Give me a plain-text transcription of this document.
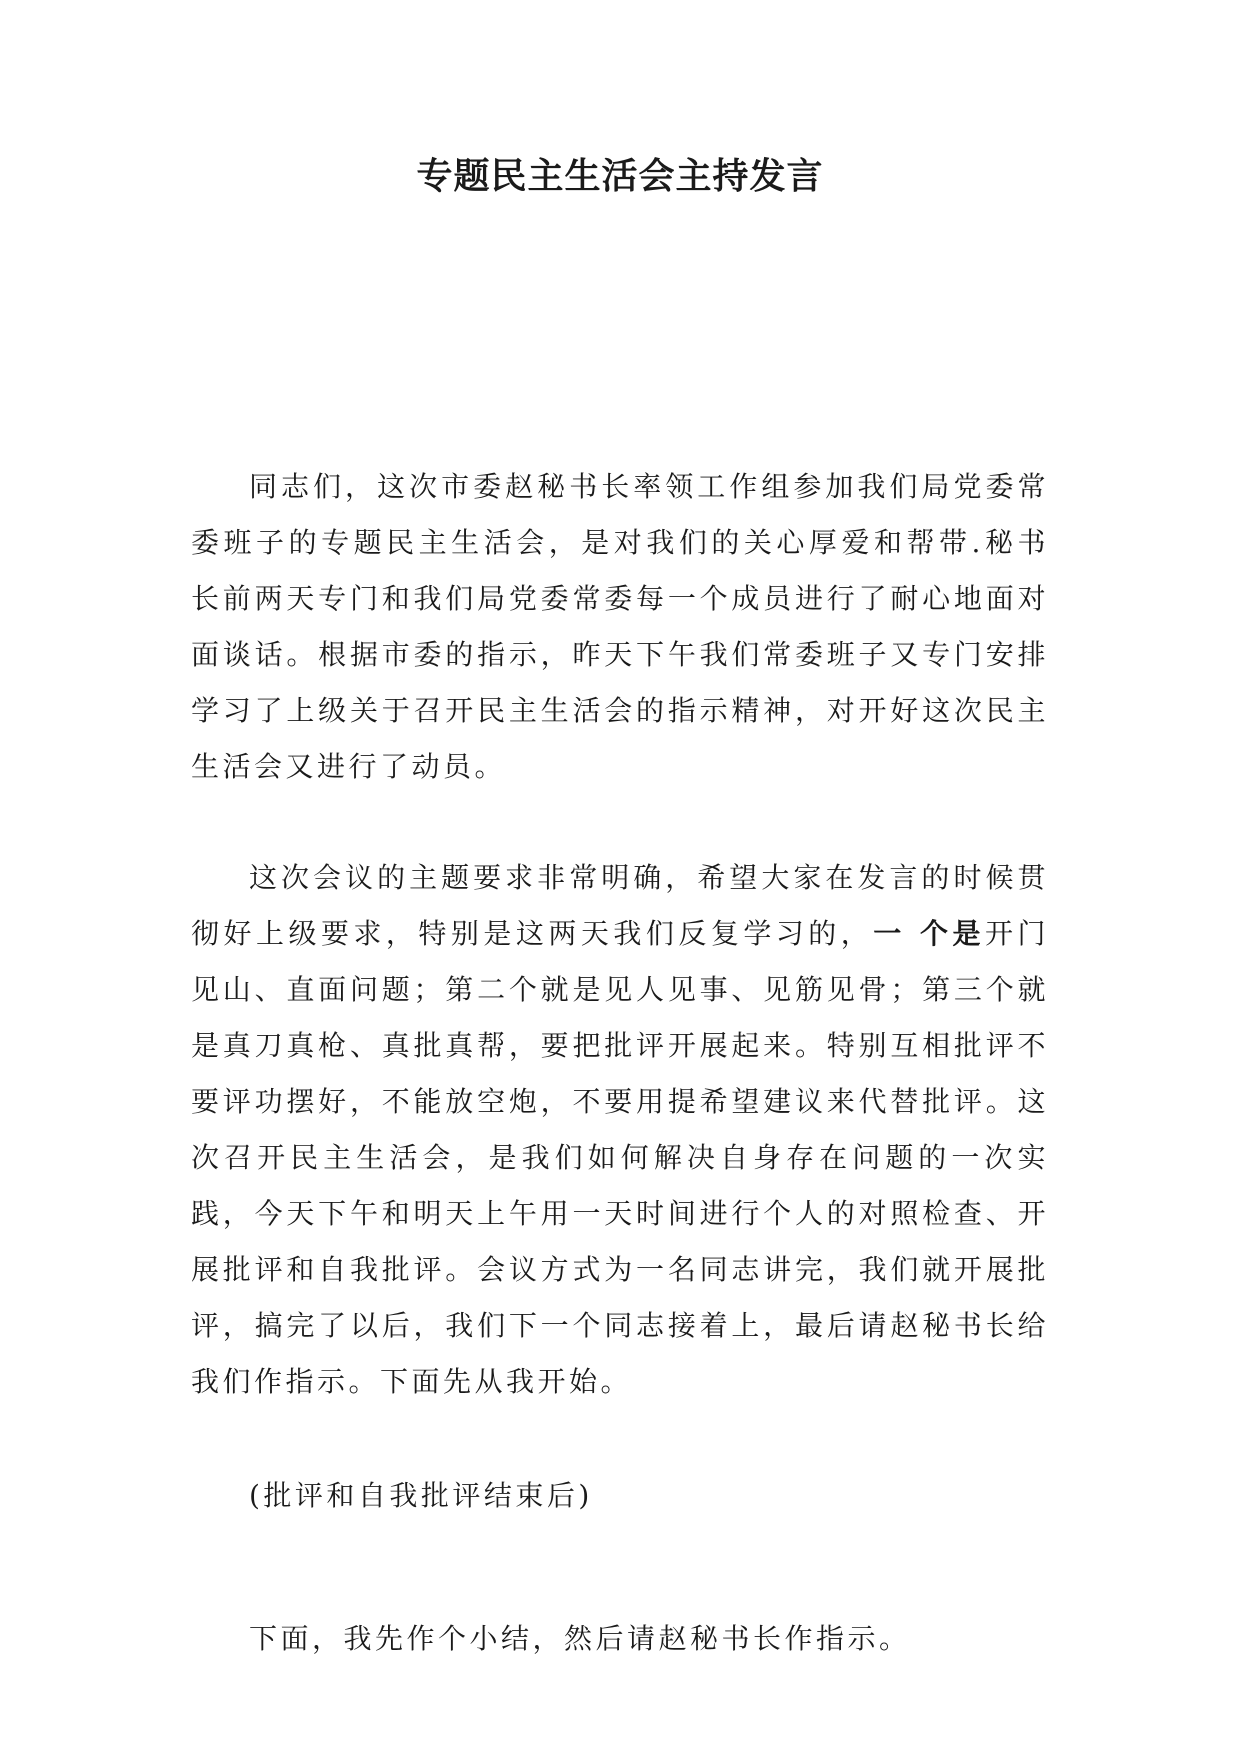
专题民主生活会主持发言

同志们，这次市委赵秘书长率领工作组参加我们局党委常委班子的专题民主生活会，是对我们的关心厚爱和帮带.秘书长前两天专门和我们局党委常委每一个成员进行了耐心地面对面谈话。根据市委的指示，昨天下午我们常委班子又专门安排学习了上级关于召开民主生活会的指示精神，对开好这次民主生活会又进行了动员。

这次会议的主题要求非常明确，希望大家在发言的时候贯彻好上级要求，特别是这两天我们反复学习的，一 个是开门见山、直面问题；第二个就是见人见事、见筋见骨；第三个就是真刀真枪、真批真帮，要把批评开展起来。特别互相批评不要评功摆好，不能放空炮，不要用提希望建议来代替批评。这次召开民主生活会，是我们如何解决自身存在问题的一次实践，今天下午和明天上午用一天时间进行个人的对照检查、开展批评和自我批评。会议方式为一名同志讲完，我们就开展批评，搞完了以后，我们下一个同志接着上，最后请赵秘书长给我们作指示。下面先从我开始。

(批评和自我批评结束后)

下面，我先作个小结，然后请赵秘书长作指示。
